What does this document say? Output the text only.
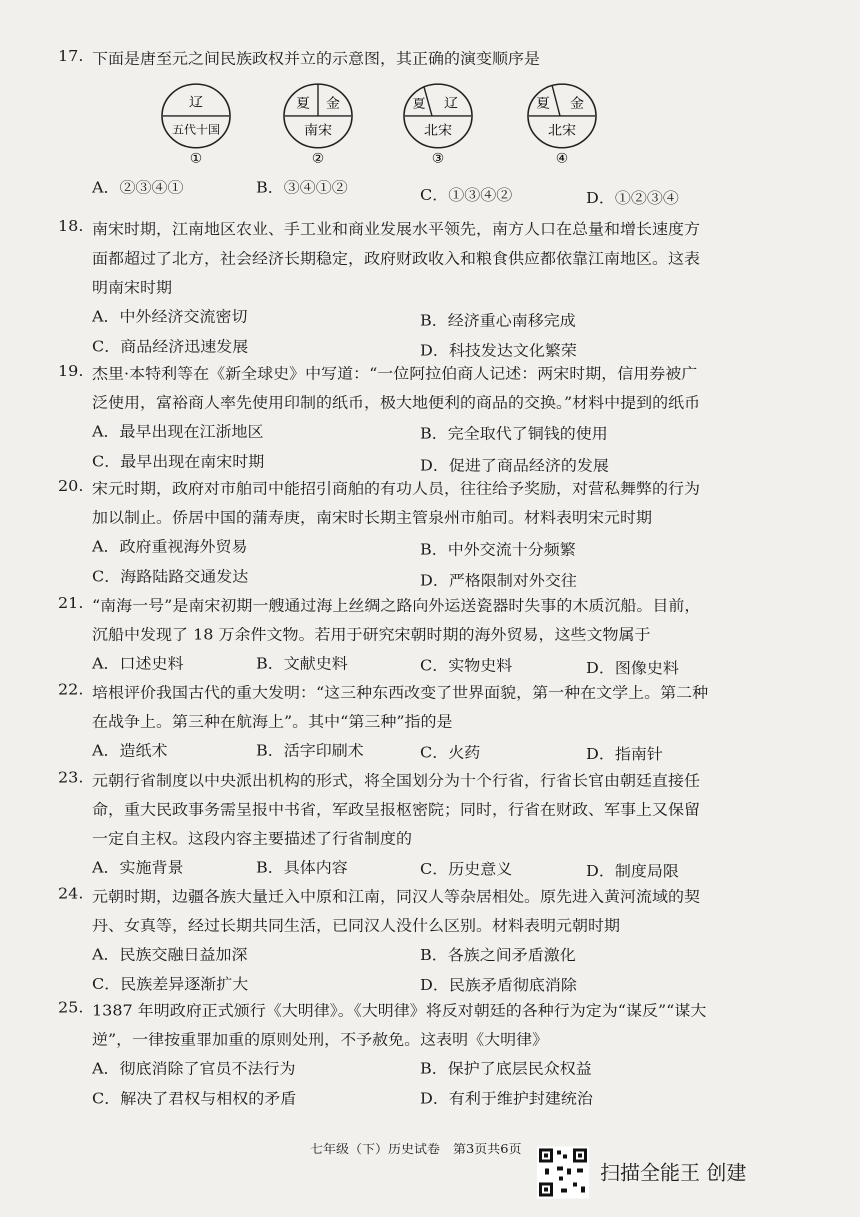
17. 下面是唐至元之间民族政权并立的示意图，其正确的演变顺序是
辽
五代十国
①
夏 金
南宋
②
夏 辽
北宋
③
夏 金
北宋
④
A．②③④①	B．③④①②	C．①③④②	D．①②③④
18. 南宋时期，江南地区农业、手工业和商业发展水平领先，南方人口在总量和增长速度方
面都超过了北方，社会经济长期稳定，政府财政收入和粮食供应都依靠江南地区。这表
明南宋时期
A．中外经济交流密切	B．经济重心南移完成
C．商品经济迅速发展	D．科技发达文化繁荣
19. 杰里·本特利等在《新全球史》中写道：“一位阿拉伯商人记述：两宋时期，信用券被广
泛使用，富裕商人率先使用印制的纸币，极大地便利的商品的交换。”材料中提到的纸币
A．最早出现在江浙地区	B．完全取代了铜钱的使用
C．最早出现在南宋时期	D．促进了商品经济的发展
20. 宋元时期，政府对市舶司中能招引商舶的有功人员，往往给予奖励，对营私舞弊的行为
加以制止。侨居中国的蒲寿庚，南宋时长期主管泉州市舶司。材料表明宋元时期
A．政府重视海外贸易	B．中外交流十分频繁
C．海路陆路交通发达	D．严格限制对外交往
21. “南海一号”是南宋初期一艘通过海上丝绸之路向外运送瓷器时失事的木质沉船。目前，
沉船中发现了 18 万余件文物。若用于研究宋朝时期的海外贸易，这些文物属于
A．口述史料	B．文献史料	C．实物史料	D．图像史料
22. 培根评价我国古代的重大发明：“这三种东西改变了世界面貌，第一种在文学上。第二种
在战争上。第三种在航海上”。其中“第三种”指的是
A．造纸术	B．活字印刷术	C．火药	D．指南针
23. 元朝行省制度以中央派出机构的形式，将全国划分为十个行省，行省长官由朝廷直接任
命，重大民政事务需呈报中书省，军政呈报枢密院；同时，行省在财政、军事上又保留
一定自主权。这段内容主要描述了行省制度的
A．实施背景	B．具体内容	C．历史意义	D．制度局限
24. 元朝时期，边疆各族大量迁入中原和江南，同汉人等杂居相处。原先进入黄河流域的契
丹、女真等，经过长期共同生活，已同汉人没什么区别。材料表明元朝时期
A．民族交融日益加深	B．各族之间矛盾激化
C．民族差异逐渐扩大	D．民族矛盾彻底消除
25.
七年级（下）历史试卷　第3页共6页
扫描全能王 创建
1387 年明政府正式颁行《大明律》。《大明律》将反对朝廷的各种行为定为“谋反”“谋大
逆”，一律按重罪加重的原则处刑，不予赦免。这表明《大明律》
A．彻底消除了官员不法行为	B．保护了底层民众权益
C．解决了君权与相权的矛盾	D．有利于维护封建统治
